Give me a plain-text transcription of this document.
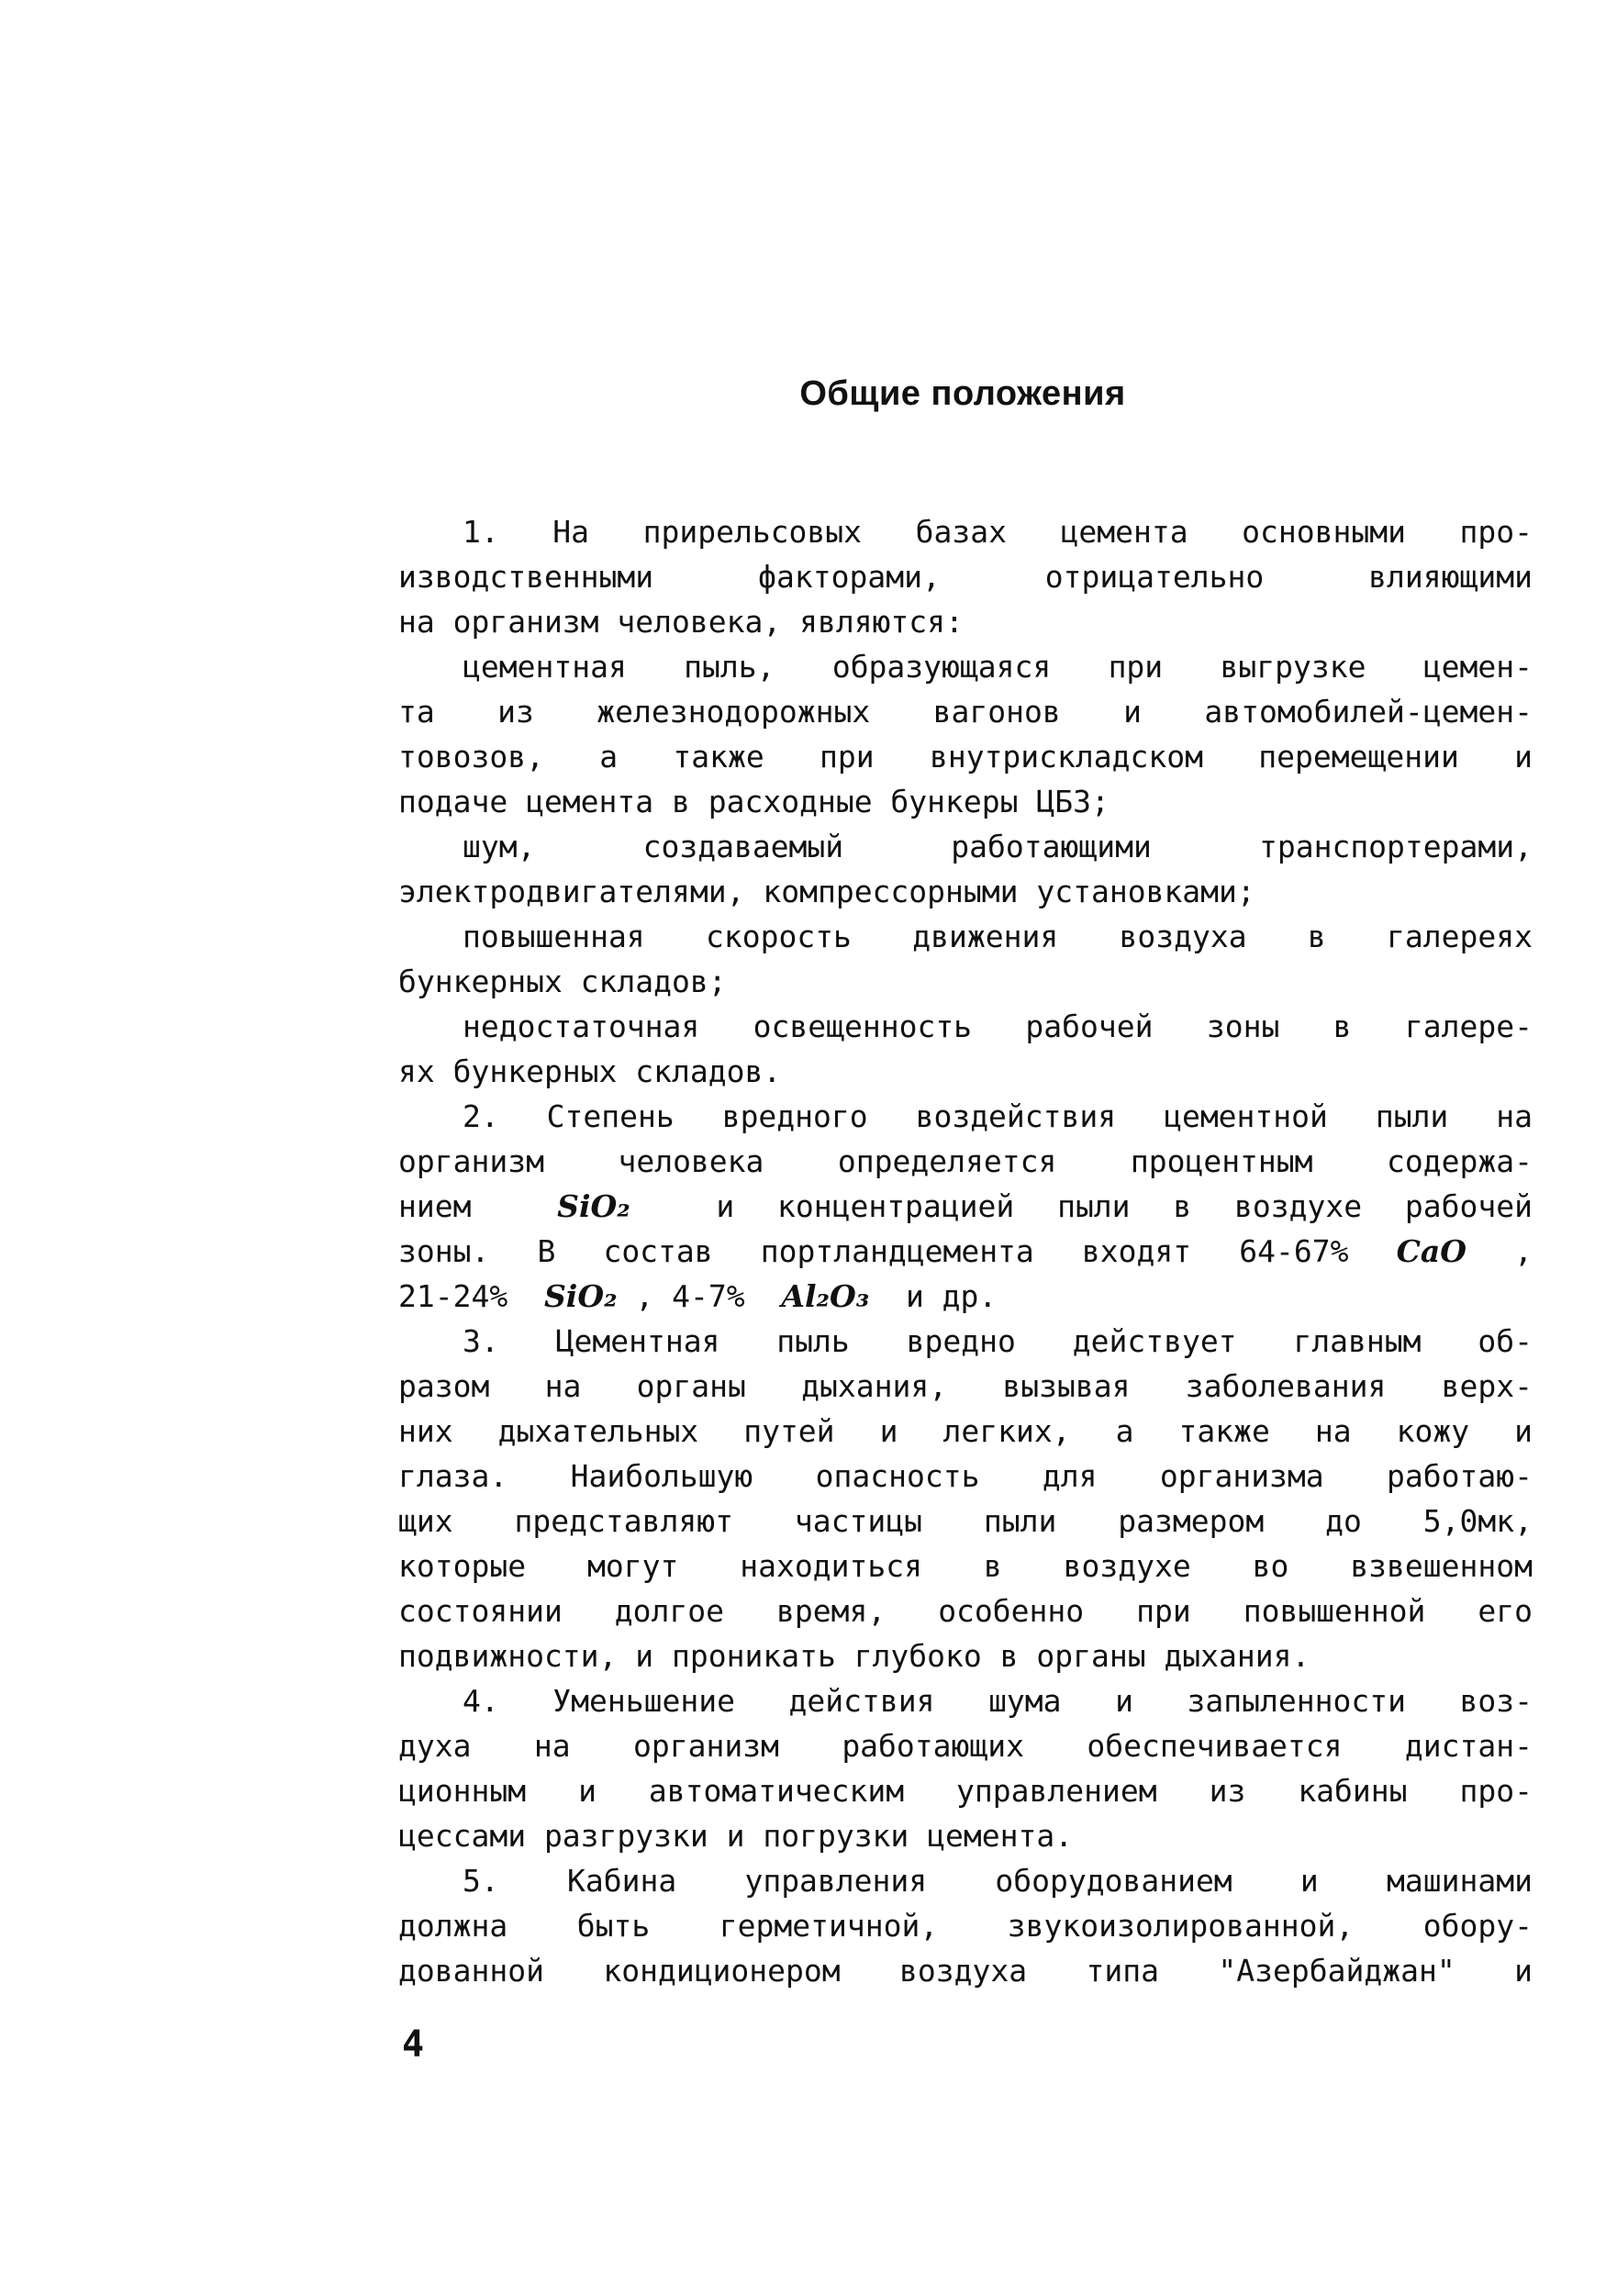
Общие положения
1. На прирельсовых базах цемента основными про-
изводственными факторами, отрицательно влияющими
на организм человека, являются:
цементная пыль, образующаяся при выгрузке цемен-
та из железнодорожных вагонов и автомобилей-цемен-
товозов, а также при внутрискладском перемещении и
подаче цемента в расходные бункеры ЦБЗ;
шум, создаваемый работающими транспортерами,
электродвигателями, компрессорными установками;
повышенная скорость движения воздуха в галереях
бункерных складов;
недостаточная освещенность рабочей зоны в галере-
ях бункерных складов.
2. Степень вредного воздействия цементной пыли на
организм человека определяется процентным содержа-
нием	SiO₂	и концентрацией пыли в воздухе рабочей
зоны. В состав портландцемента входят 64-67% CaO ,
21-24% SiO₂ , 4-7% Al₂O₃ и др.
3. Цементная пыль вредно действует главным об-
разом на органы дыхания, вызывая заболевания верх-
них дыхательных путей и легких, а также на кожу и
глаза. Наибольшую опасность для организма работаю-
щих представляют частицы пыли размером до 5,0мк,
которые могут находиться в воздухе во взвешенном
состоянии долгое время, особенно при повышенной его
подвижности, и проникать глубоко в органы дыхания.
4. Уменьшение действия шума и запыленности воз-
духа на организм работающих обеспечивается дистан-
ционным и автоматическим управлением из кабины про-
цессами разгрузки и погрузки цемента.
5. Кабина управления оборудованием и машинами
должна быть герметичной, звукоизолированной, обору-
дованной кондиционером воздуха типа "Азербайджан" и
4
